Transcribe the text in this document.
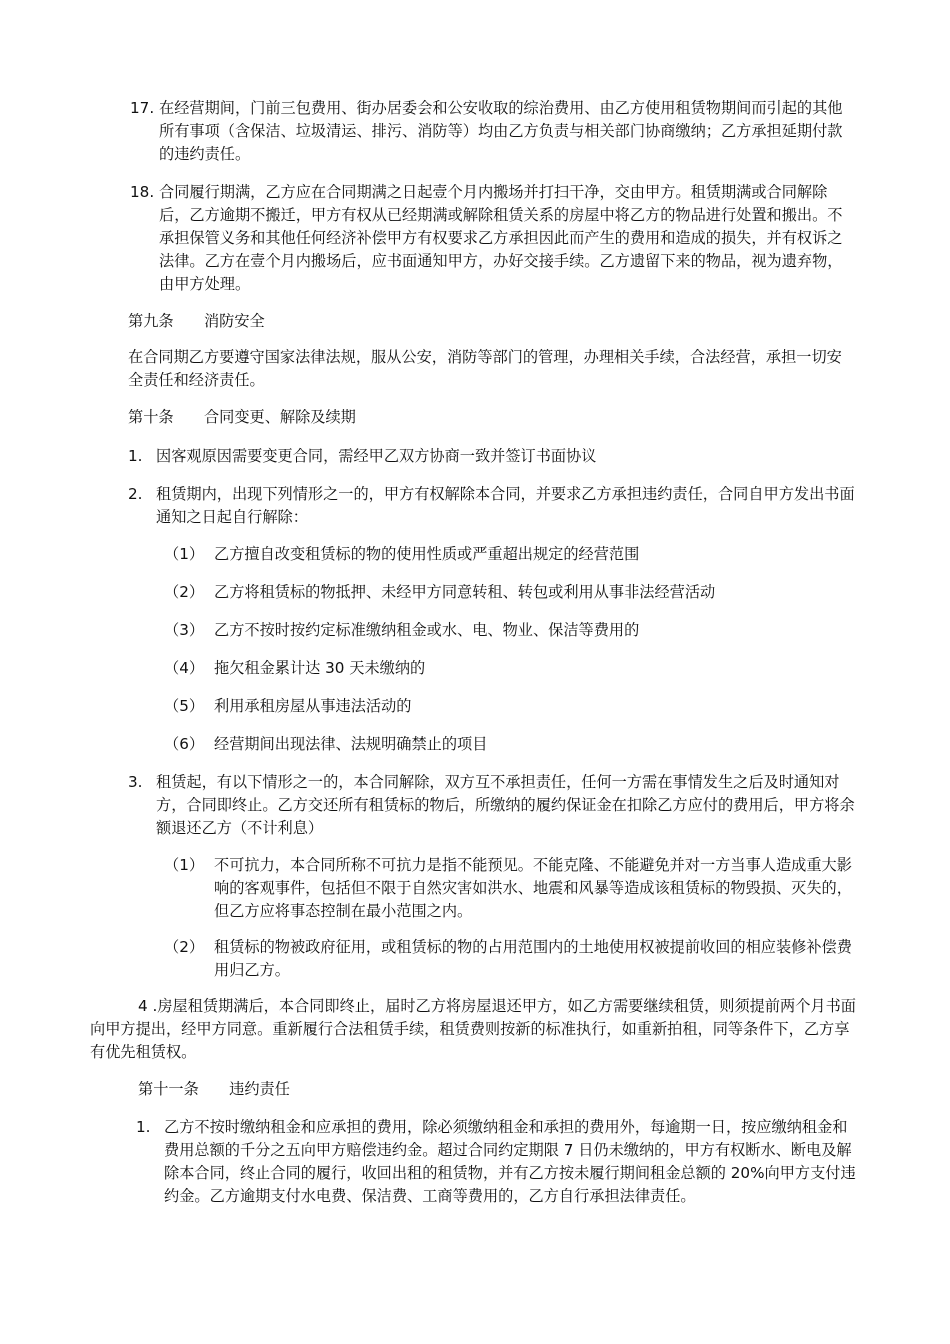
17. 在经营期间，门前三包费用、街办居委会和公安收取的综治费用、由乙方使用租赁物期间而引起的其他所有事项（含保洁、垃圾清运、排污、消防等）均由乙方负责与相关部门协商缴纳；乙方承担延期付款的违约责任。
18. 合同履行期满，乙方应在合同期满之日起壹个月内搬场并打扫干净，交由甲方。租赁期满或合同解除后，乙方逾期不搬迁，甲方有权从已经期满或解除租赁关系的房屋中将乙方的物品进行处置和搬出。不承担保管义务和其他任何经济补偿甲方有权要求乙方承担因此而产生的费用和造成的损失，并有权诉之法律。乙方在壹个月内搬场后，应书面通知甲方，办好交接手续。乙方遗留下来的物品，视为遗弃物，由甲方处理。
第九条　　消防安全
在合同期乙方要遵守国家法律法规，服从公安，消防等部门的管理，办理相关手续，合法经营，承担一切安全责任和经济责任。
第十条　　合同变更、解除及续期
1. 因客观原因需要变更合同，需经甲乙双方协商一致并签订书面协议
2. 租赁期内，出现下列情形之一的，甲方有权解除本合同，并要求乙方承担违约责任，合同自甲方发出书面通知之日起自行解除：
（1） 乙方擅自改变租赁标的物的使用性质或严重超出规定的经营范围
（2） 乙方将租赁标的物抵押、未经甲方同意转租、转包或利用从事非法经营活动
（3） 乙方不按时按约定标准缴纳租金或水、电、物业、保洁等费用的
（4） 拖欠租金累计达 30 天未缴纳的
（5） 利用承租房屋从事违法活动的
（6） 经营期间出现法律、法规明确禁止的项目
3. 租赁起，有以下情形之一的，本合同解除，双方互不承担责任，任何一方需在事情发生之后及时通知对方，合同即终止。乙方交还所有租赁标的物后，所缴纳的履约保证金在扣除乙方应付的费用后，甲方将余额退还乙方（不计利息）
（1） 不可抗力，本合同所称不可抗力是指不能预见。不能克隆、不能避免并对一方当事人造成重大影响的客观事件，包括但不限于自然灾害如洪水、地震和风暴等造成该租赁标的物毁损、灭失的，但乙方应将事态控制在最小范围之内。
（2） 租赁标的物被政府征用，或租赁标的物的占用范围内的土地使用权被提前收回的相应装修补偿费用归乙方。
4 .房屋租赁期满后，本合同即终止，届时乙方将房屋退还甲方，如乙方需要继续租赁，则须提前两个月书面向甲方提出，经甲方同意。重新履行合法租赁手续，租赁费则按新的标准执行，如重新拍租，同等条件下，乙方享有优先租赁权。
第十一条　　违约责任
1. 乙方不按时缴纳租金和应承担的费用，除必须缴纳租金和承担的费用外，每逾期一日，按应缴纳租金和费用总额的千分之五向甲方赔偿违约金。超过合同约定期限 7 日仍未缴纳的，甲方有权断水、断电及解除本合同，终止合同的履行，收回出租的租赁物，并有乙方按未履行期间租金总额的 20%向甲方支付违约金。乙方逾期支付水电费、保洁费、工商等费用的，乙方自行承担法律责任。
